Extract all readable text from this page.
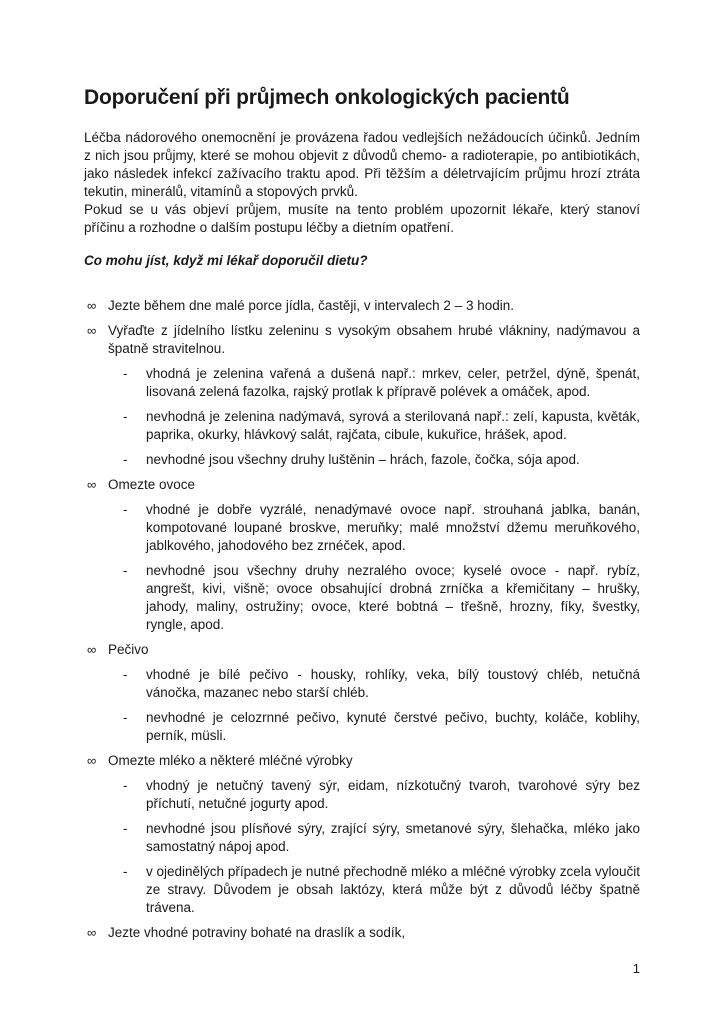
Doporučení při průjmech onkologických pacientů

Léčba nádorového onemocnění je provázena řadou vedlejších nežádoucích účinků. Jedním z nich jsou průjmy, které se mohou objevit z důvodů chemo- a radioterapie, po antibiotikách, jako následek infekcí zažívacího traktu apod. Při těžším a déletrvajícím průjmu hrozí ztráta tekutin, minerálů, vitamínů a stopových prvků.

Pokud se u vás objeví průjem, musíte na tento problém upozornit lékaře, který stanoví příčinu a rozhodne o dalším postupu léčby a dietním opatření.

Co mohu jíst, když mi lékař doporučil dietu?
∞ Jezte během dne malé porce jídla, častěji, v intervalech 2 – 3 hodin.
∞ Vyřaďte z jídelního lístku zeleninu s vysokým obsahem hrubé vlákniny, nadýmavou a špatně stravitelnou.
-	vhodná je zelenina vařená a dušená např.: mrkev, celer, petržel, dýně, špenát, lisovaná zelená fazolka, rajský protlak k přípravě polévek a omáček, apod.
-	nevhodná je zelenina nadýmavá, syrová a sterilovaná např.: zelí, kapusta, květák, paprika, okurky, hlávkový salát, rajčata, cibule, kukuřice, hrášek, apod.
-	nevhodné jsou všechny druhy luštěnin – hrách, fazole, čočka, sója apod.
∞ Omezte ovoce
-	vhodné je dobře vyzrálé, nenadýmavé ovoce např. strouhaná jablka, banán, kompotované loupané broskve, meruňky; malé množství džemu meruňkového, jablkového, jahodového bez zrnéček, apod.
-	nevhodné jsou všechny druhy nezralého ovoce; kyselé ovoce - např. rybíz, angrešt, kivi, višně; ovoce obsahující drobná zrníčka a křemičitany – hrušky, jahody, maliny, ostružiny; ovoce, které bobtná – třešně, hrozny, fíky, švestky, ryngle, apod.
∞ Pečivo
-	vhodné je bílé pečivo - housky, rohlíky, veka, bílý toustový chléb, netučná vánočka, mazanec nebo starší chléb.
-	nevhodné je celozrnné pečivo, kynuté čerstvé pečivo, buchty, koláče, koblihy, perník, müsli.
∞ Omezte mléko a některé mléčné výrobky
-	vhodný je netučný tavený sýr, eidam, nízkotučný tvaroh, tvarohové sýry bez příchutí, netučné jogurty apod.
-	nevhodné jsou plísňové sýry, zrající sýry, smetanové sýry, šlehačka, mléko jako samostatný nápoj apod.
-	v ojedinělých případech je nutné přechodně mléko a mléčné výrobky zcela vyloučit ze stravy. Důvodem je obsah laktózy, která může být z důvodů léčby špatně trávena.
∞ Jezte vhodné potraviny bohaté na draslík a sodík,
1
